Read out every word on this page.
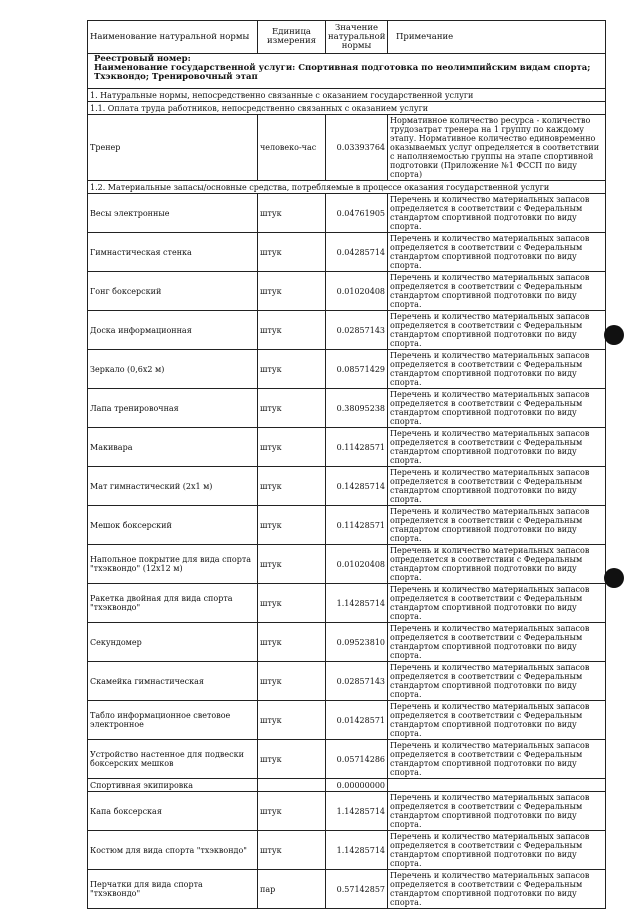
Наименование натуральной нормы	Единица измерения	Значение натуральной нормы	Примечание

Реестровый номер:
Наименование государственной услуги: Спортивная подготовка по неолимпийским видам спорта; Тхэквондо; Тренировочный этап			

1. Натуральные нормы, непосредственно связанные с оказанием государственной услуги			
1.1. Оплата труда работников, непосредственно связанных с оказанием услуги			
Тренер	человеко-час	0.03393764	Нормативное количество ресурса - количество трудозатрат тренера на 1 группу по каждому этапу. Нормативное количество единовременно оказываемых услуг определяется в соответствии с наполняемостью группы на этапе спортивной подготовки (Приложение №1 ФССП по виду спорта)
1.2. Материальные запасы/основные средства, потребляемые в процессе оказания государственной услуги			
Весы электронные	штук	0.04761905	Перечень и количество материальных запасов определяется в соответствии с Федеральным стандартом спортивной подготовки по виду спорта.
Гимнастическая стенка	штук	0.04285714	Перечень и количество материальных запасов определяется в соответствии с Федеральным стандартом спортивной подготовки по виду спорта.
Гонг боксерский	штук	0.01020408	Перечень и количество материальных запасов определяется в соответствии с Федеральным стандартом спортивной подготовки по виду спорта.
Доска информационная	штук	0.02857143	Перечень и количество материальных запасов определяется в соответствии с Федеральным стандартом спортивной подготовки по виду спорта.
Зеркало (0,6х2 м)	штук	0.08571429	Перечень и количество материальных запасов определяется в соответствии с Федеральным стандартом спортивной подготовки по виду спорта.
Лапа тренировочная	штук	0.38095238	Перечень и количество материальных запасов определяется в соответствии с Федеральным стандартом спортивной подготовки по виду спорта.
Макивара	штук	0.11428571	Перечень и количество материальных запасов определяется в соответствии с Федеральным стандартом спортивной подготовки по виду спорта.
Мат гимнастический (2х1 м)	штук	0.14285714	Перечень и количество материальных запасов определяется в соответствии с Федеральным стандартом спортивной подготовки по виду спорта.
Мешок боксерский	штук	0.11428571	Перечень и количество материальных запасов определяется в соответствии с Федеральным стандартом спортивной подготовки по виду спорта.
Напольное покрытие для вида спорта "тхэквондо" (12х12 м)	штук	0.01020408	Перечень и количество материальных запасов определяется в соответствии с Федеральным стандартом спортивной подготовки по виду спорта.
Ракетка двойная для вида спорта "тхэквондо"	штук	1.14285714	Перечень и количество материальных запасов определяется в соответствии с Федеральным стандартом спортивной подготовки по виду спорта.
Секундомер	штук	0.09523810	Перечень и количество материальных запасов определяется в соответствии с Федеральным стандартом спортивной подготовки по виду спорта.
Скамейка гимнастическая	штук	0.02857143	Перечень и количество материальных запасов определяется в соответствии с Федеральным стандартом спортивной подготовки по виду спорта.
Табло информационное световое электронное	штук	0.01428571	Перечень и количество материальных запасов определяется в соответствии с Федеральным стандартом спортивной подготовки по виду спорта.
Устройство настенное для подвески боксерских мешков	штук	0.05714286	Перечень и количество материальных запасов определяется в соответствии с Федеральным стандартом спортивной подготовки по виду спорта.
Спортивная экипировка		0.00000000	
Капа боксерская	штук	1.14285714	Перечень и количество материальных запасов определяется в соответствии с Федеральным стандартом спортивной подготовки по виду спорта.
Костюм для вида спорта "тхэквондо"	штук	1.14285714	Перечень и количество материальных запасов определяется в соответствии с Федеральным стандартом спортивной подготовки по виду спорта.
Перчатки для вида спорта "тхэквондо"	пар	0.57142857	Перечень и количество материальных запасов определяется в соответствии с Федеральным стандартом спортивной подготовки по виду спорта.
